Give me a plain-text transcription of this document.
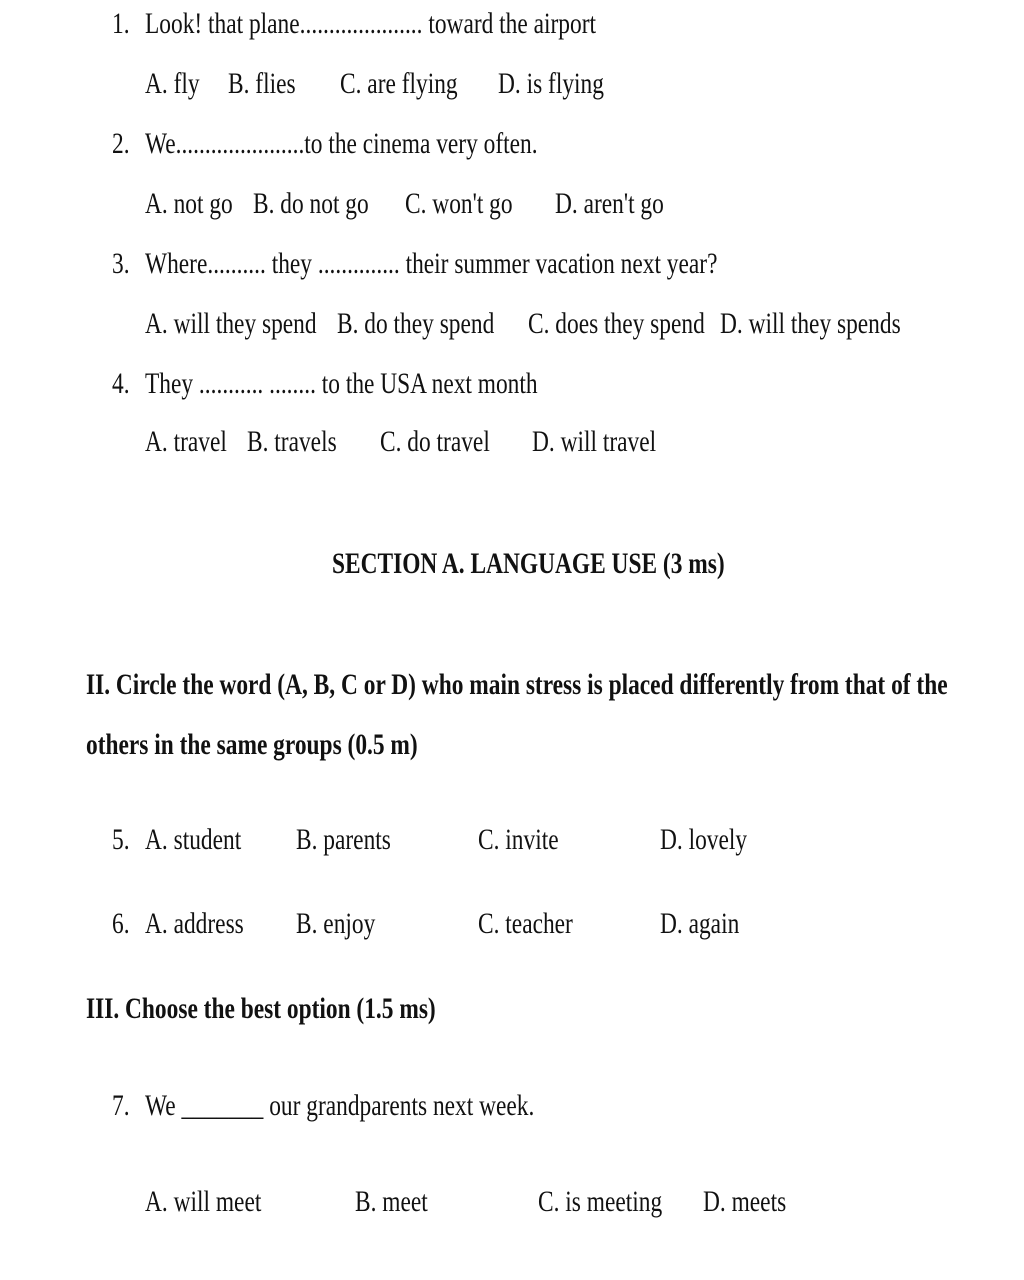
1. Look! that plane..................... toward the airport
A. fly B. flies C. are flying D. is flying
2. We......................to the cinema very often.
A. not go B. do not go C. won't go D. aren't go
3. Where.......... they .............. their summer vacation next year?
A. will they spend B. do they spend C. does they spend D. will they spends
4. They ........... ........ to the USA next month
A. travel B. travels C. do travel D. will travel
SECTION A. LANGUAGE USE (3 ms)
II. Circle the word (A, B, C or D) who main stress is placed differently from that of the
others in the same groups (0.5 m)
5. A. student B. parents	C. invite	D. lovely
6. A. address B. enjoy	C. teacher	D. again
III. Choose the best option (1.5 ms)
7. We _______ our grandparents next week.
A. will meet	B. meet	C. is meeting D. meets
